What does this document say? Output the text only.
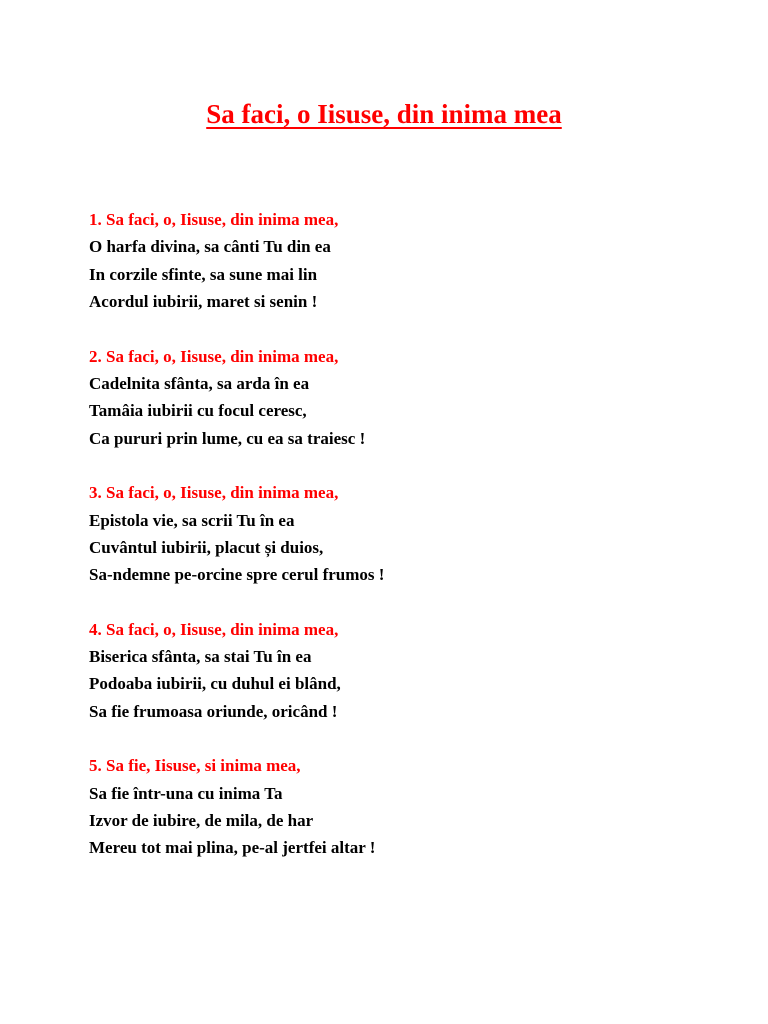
Sa faci, o Iisuse, din inima mea
1. Sa faci, o, Iisuse, din inima mea,
O harfa divina, sa cânti Tu din ea
In corzile sfinte, sa sune mai lin
Acordul iubirii, maret si senin !
2. Sa faci, o, Iisuse, din inima mea,
Cadelnita sfânta, sa arda în ea
Tamâia iubirii cu focul ceresc,
Ca pururi prin lume, cu ea sa traiesc !
3. Sa faci, o, Iisuse, din inima mea,
Epistola vie, sa scrii Tu în ea
Cuvântul iubirii, placut și duios,
Sa-ndemne pe-orcine spre cerul frumos !
4. Sa faci, o, Iisuse, din inima mea,
Biserica sfânta, sa stai Tu în ea
Podoaba iubirii, cu duhul ei blând,
Sa fie frumoasa oriunde, oricând !
5. Sa fie, Iisuse, si inima mea,
Sa fie într-una cu inima Ta
Izvor de iubire, de mila, de har
Mereu tot mai plina, pe-al jertfei altar !
